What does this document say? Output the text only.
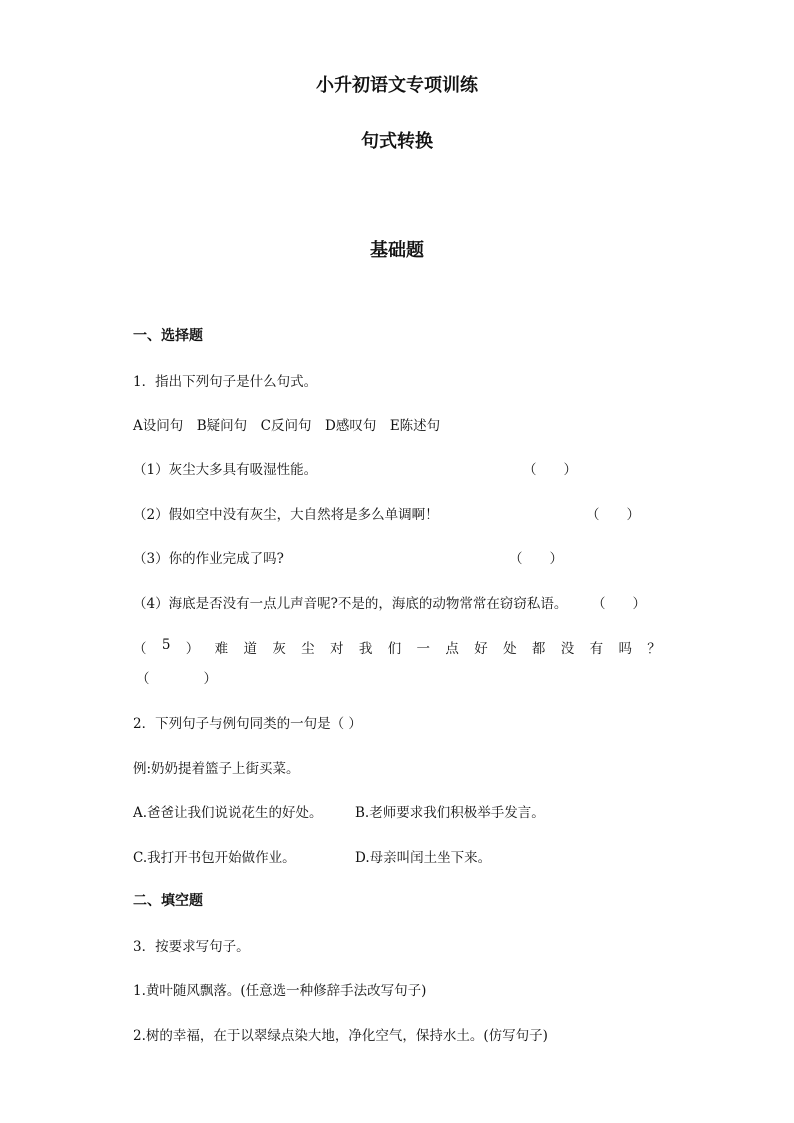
小升初语文专项训练
句式转换
基础题
一、选择题
1．指出下列句子是什么句式。
A设问句　B疑问句　C反问句　D感叹句　E陈述句
（1）灰尘大多具有吸湿性能。	（　　）
（2）假如空中没有灰尘，大自然将是多么单调啊！	（　　）
（3）你的作业完成了吗?	（　　）
（4）海底是否没有一点儿声音呢?不是的，海底的动物常常在窃窃私语。 （　　）
（ 5 ） 难 道 灰 尘 对 我 们 一 点 好 处 都 没 有 吗 ？
（　　　　）
2．下列句子与例句同类的一句是（ ）
例:奶奶提着篮子上街买菜。
A.爸爸让我们说说花生的好处。 B.老师要求我们积极举手发言。
C.我打开书包开始做作业。	D.母亲叫闰土坐下来。
二、填空题
3．按要求写句子。
1.黄叶随风飘落。(任意选一种修辞手法改写句子)
2.树的幸福，在于以翠绿点染大地，净化空气，保持水土。(仿写句子)
